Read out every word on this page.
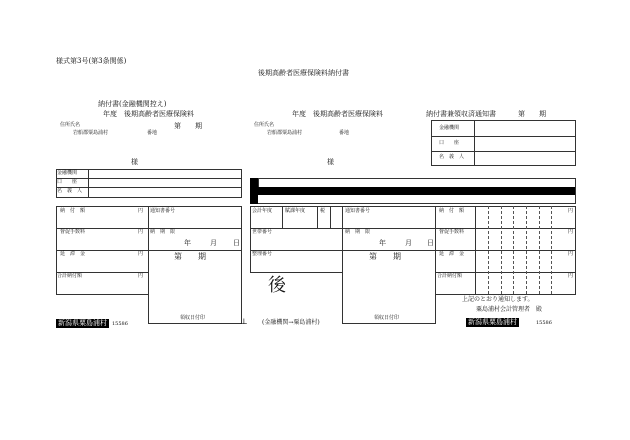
様式第3号(第3条関係)
後期高齢者医療保険料納付書
納付書(金融機関控え)
年度　後期高齢者医療保険料
第　　期
住所氏名
岩船郡粟島浦村	番地
様
金融機関
口　　座
名　義　人
年度　後期高齢者医療保険料	納付書兼領収済通知書	第　　期
住所氏名
岩船郡粟島浦村	番地
様
金融機関
口　　座
名　義　人
納　付　額	円 通知書番号
督促手数料	円 納　期　限
年	月 日
延　滞　金	円	第　　期
合計納付額	円
領収日付印
会計年度	賦課年度	税	通知書番号
世帯番号	納　期　限
年	月 日
整理番号	第　　期
後
領収日付印
(金融機関→粟島浦村)
⊥
納　付　額	円
督促手数料	円
延　滞　金	円
合計納付額	円
上記のとおり通知します。
粟島浦村会計管理者　殿
新潟県粟島浦村	15586	新潟県粟島浦村	15586
